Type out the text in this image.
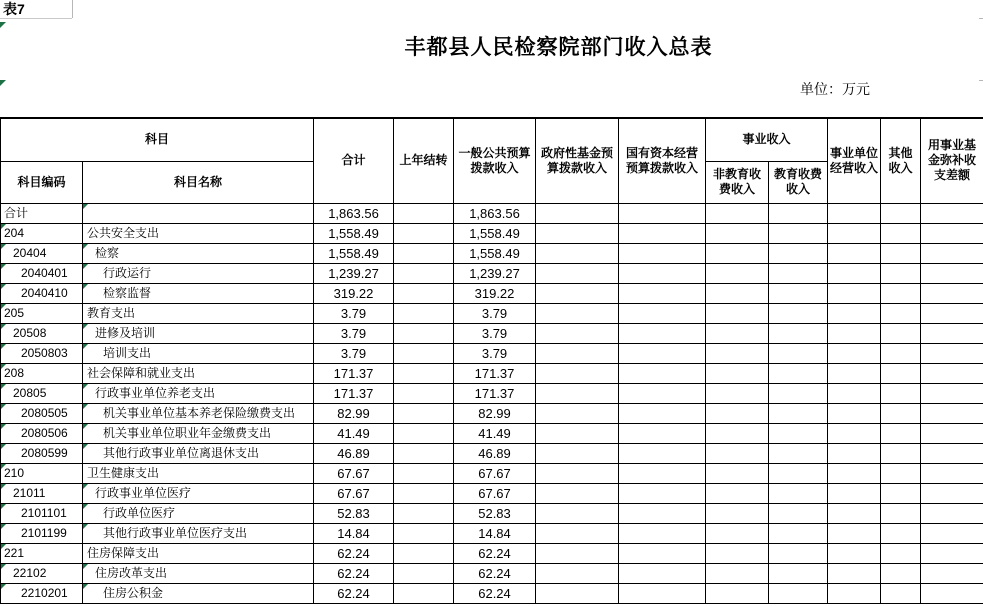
表7
丰都县人民检察院部门收入总表
单位：万元
科目		合计	上年结转	一般公共预算拨款收入	政府性基金预算拨款收入	国有资本经营预算拨款收入	事业收入		事业单位经营收入	其他收入	用事业基金弥补收支差额
科目编码	科目名称						非教育收费收入	教育收费收入			
合计		1,863.56		1,863.56							
204	公共安全支出	1,558.49		1,558.49							
20404	检察	1,558.49		1,558.49							
2040401	行政运行	1,239.27		1,239.27							
2040410	检察监督	319.22		319.22							
205	教育支出	3.79		3.79							
20508	进修及培训	3.79		3.79							
2050803	培训支出	3.79		3.79							
208	社会保障和就业支出	171.37		171.37							
20805	行政事业单位养老支出	171.37		171.37							
2080505	机关事业单位基本养老保险缴费支出	82.99		82.99							
2080506	机关事业单位职业年金缴费支出	41.49		41.49							
2080599	其他行政事业单位离退休支出	46.89		46.89							
210	卫生健康支出	67.67		67.67							
21011	行政事业单位医疗	67.67		67.67							
2101101	行政单位医疗	52.83		52.83							
2101199	其他行政事业单位医疗支出	14.84		14.84							
221	住房保障支出	62.24		62.24							
22102	住房改革支出	62.24		62.24							
2210201	住房公积金	62.24		62.24							
